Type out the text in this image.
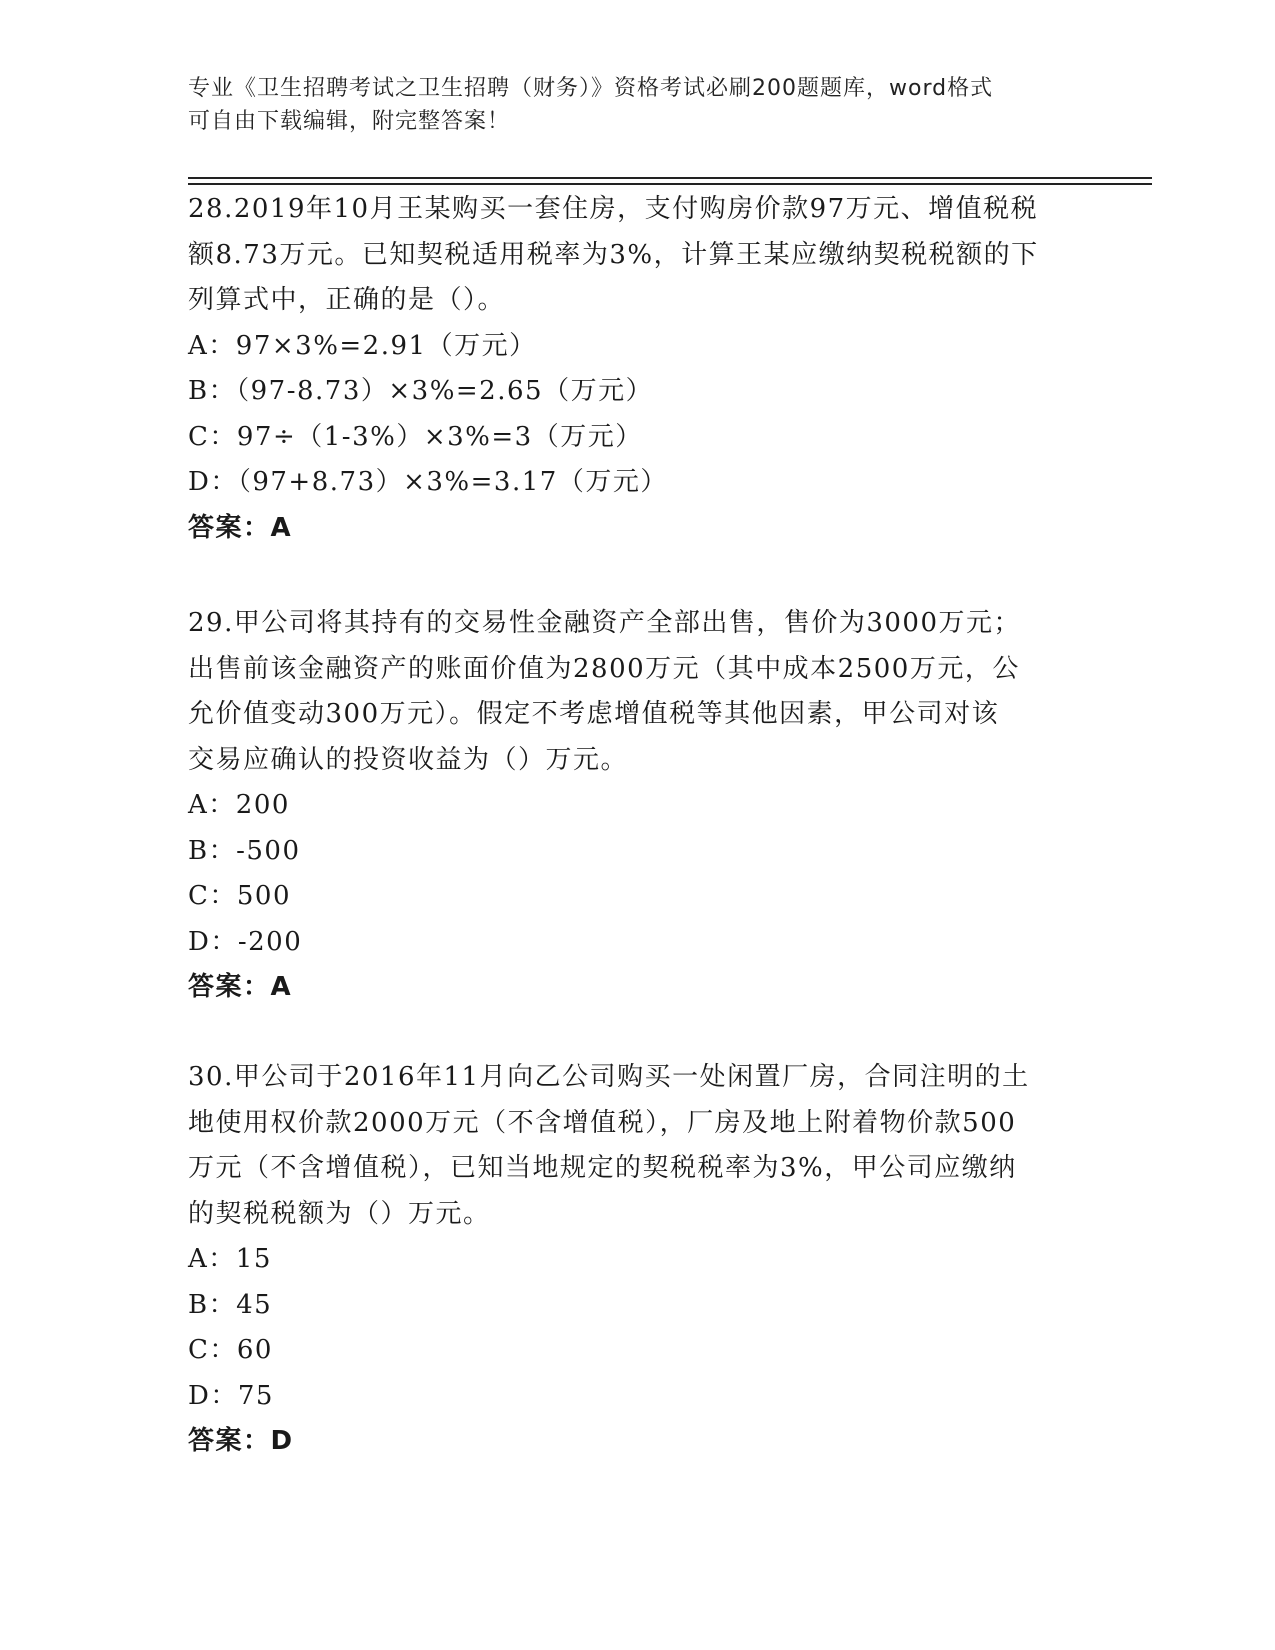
专业《卫生招聘考试之卫生招聘（财务）》资格考试必刷200题题库，word格式
可自由下载编辑，附完整答案！

28.2019年10月王某购买一套住房，支付购房价款97万元、增值税税

额8.73万元。已知契税适用税率为3%，计算王某应缴纳契税税额的下

列算式中，正确的是（）。

A：97×3%=2.91（万元）

B：（97-8.73）×3%=2.65（万元）

C：97÷（1-3%）×3%=3（万元）

D：（97+8.73）×3%=3.17（万元）

答案：A

29.甲公司将其持有的交易性金融资产全部出售，售价为3000万元；

出售前该金融资产的账面价值为2800万元（其中成本2500万元，公

允价值变动300万元）。假定不考虑增值税等其他因素，甲公司对该

交易应确认的投资收益为（）万元。

A：200

B：-500

C：500

D：-200

答案：A

30.甲公司于2016年11月向乙公司购买一处闲置厂房，合同注明的土

地使用权价款2000万元（不含增值税），厂房及地上附着物价款500

万元（不含增值税），已知当地规定的契税税率为3%，甲公司应缴纳

的契税税额为（）万元。

A：15

B：45

C：60

D：75

答案：D
